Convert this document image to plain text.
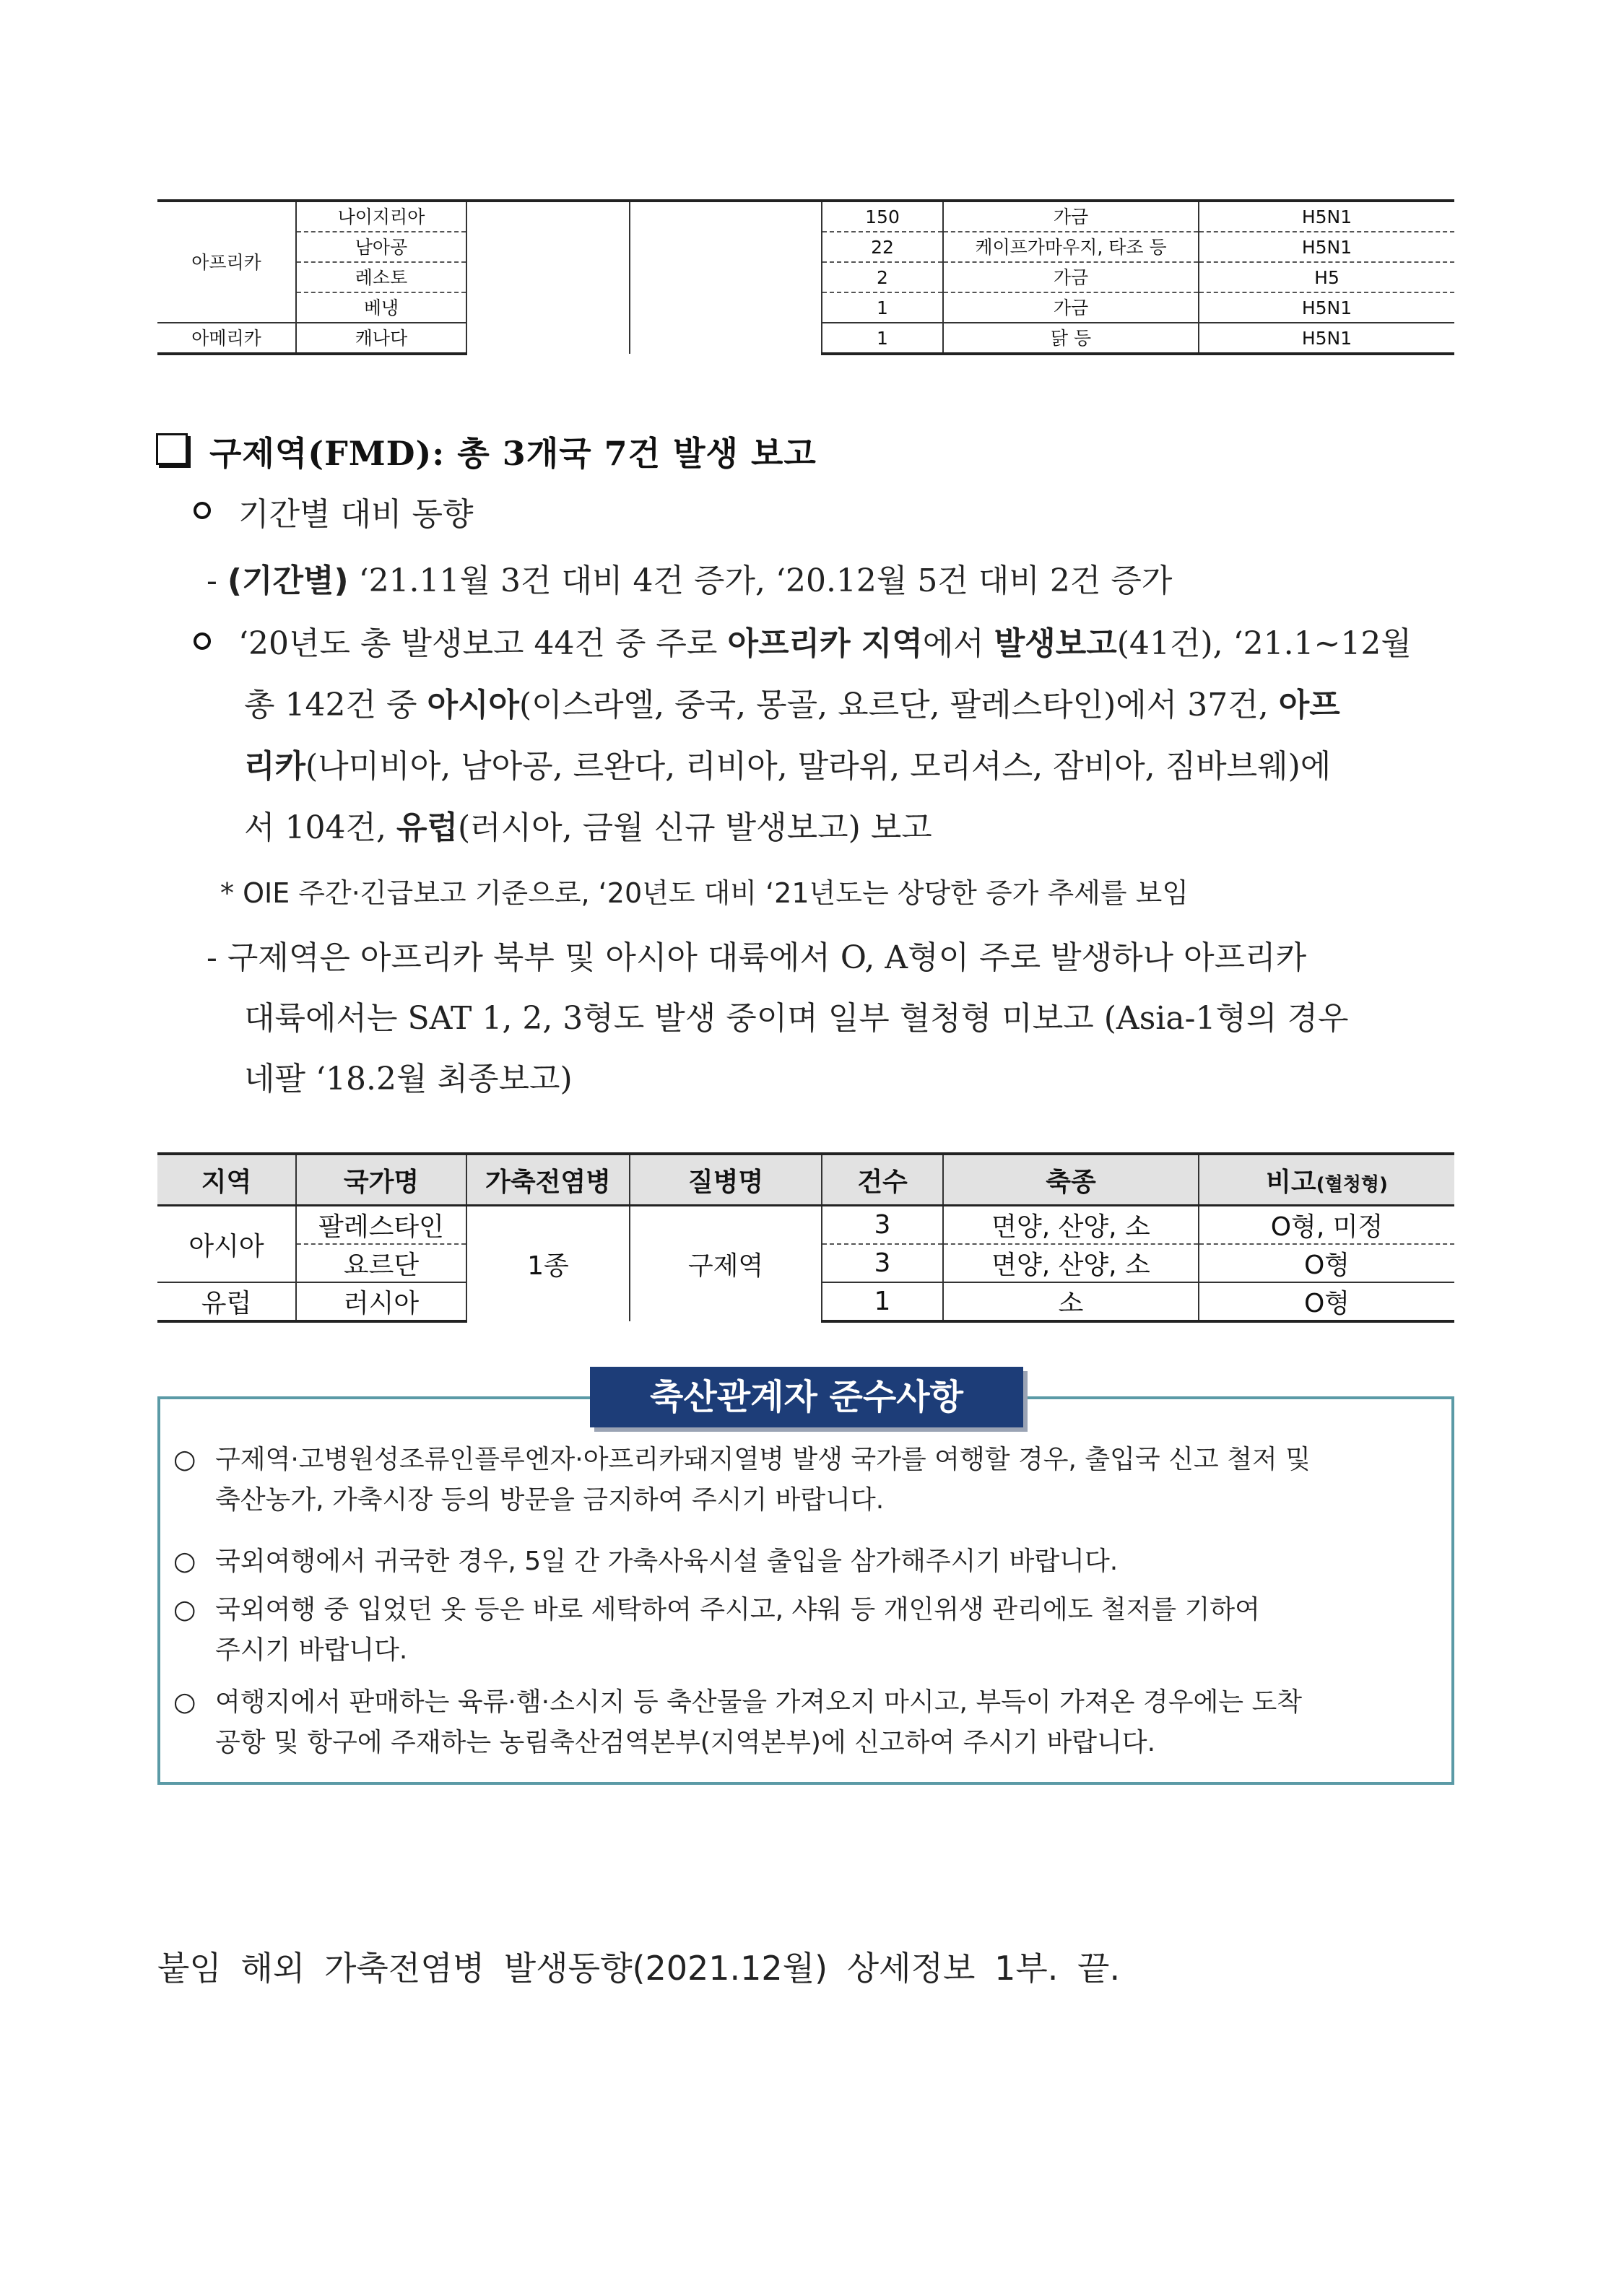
아프리카	나이지리아			150	가금	H5N1
	남아공			22	케이프가마우지, 타조 등	H5N1
	레소토			2	가금	H5
	베냉			1	가금	H5N1
아메리카	캐나다			1	닭 등	H5N1
구제역(FMD): 총 3개국 7건 발생 보고
기간별 대비 동향
- (기간별) ‘21.11월 3건 대비 4건 증가, ‘20.12월 5건 대비 2건 증가
‘20년도 총 발생보고 44건 중 주로 아프리카 지역에서 발생보고(41건), ‘21.1~12월
총 142건 중 아시아(이스라엘, 중국, 몽골, 요르단, 팔레스타인)에서 37건, 아프
리카(나미비아, 남아공, 르완다, 리비아, 말라위, 모리셔스, 잠비아, 짐바브웨)에
서 104건, 유럽(러시아, 금월 신규 발생보고) 보고
* OIE 주간·긴급보고 기준으로, ‘20년도 대비 ‘21년도는 상당한 증가 추세를 보임
- 구제역은 아프리카 북부 및 아시아 대륙에서 O, A형이 주로 발생하나 아프리카
대륙에서는 SAT 1, 2, 3형도 발생 중이며 일부 혈청형 미보고 (Asia-1형의 경우
네팔 ‘18.2월 최종보고)
지역	국가명	가축전염병	질병명	건수	축종	비고(혈청형)
아시아	팔레스타인	1종	구제역	3	면양, 산양, 소	O형, 미정
	요르단			3	면양, 산양, 소	O형
유럽	러시아			1	소	O형
축산관계자 준수사항
○ 구제역·고병원성조류인플루엔자·아프리카돼지열병 발생 국가를 여행할 경우, 출입국 신고 철저 및
축산농가, 가축시장 등의 방문을 금지하여 주시기 바랍니다.
○ 국외여행에서 귀국한 경우, 5일 간 가축사육시설 출입을 삼가해주시기 바랍니다.
○ 국외여행 중 입었던 옷 등은 바로 세탁하여 주시고, 샤워 등 개인위생 관리에도 철저를 기하여
주시기 바랍니다.
○ 여행지에서 판매하는 육류·햄·소시지 등 축산물을 가져오지 마시고, 부득이 가져온 경우에는 도착
공항 및 항구에 주재하는 농림축산검역본부(지역본부)에 신고하여 주시기 바랍니다.
붙임 해외 가축전염병 발생동향(2021.12월) 상세정보 1부. 끝.
